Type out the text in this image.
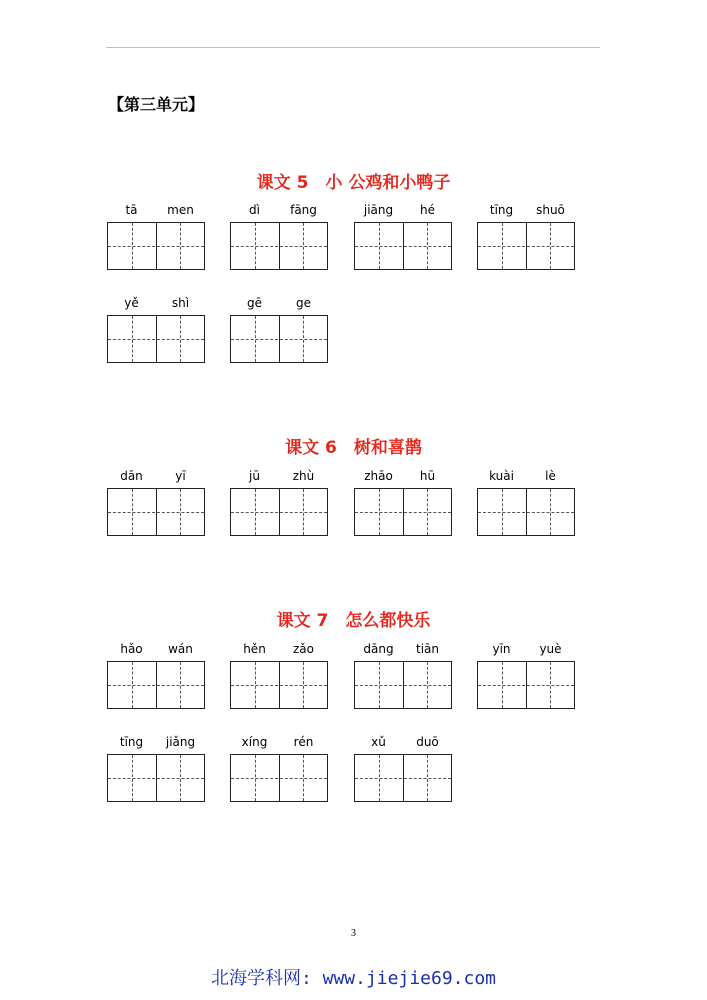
【第三单元】
课文 5　小 公鸡和小鸭子
课文 6　树和喜鹊
课文 7　怎么都快乐
tā	men	dì	fāng	jiāng	hé	tīng	shuō
yě	shì	gē	ge
dān	yī	jū	zhù	zhāo	hū	kuài	lè
hǎo	wán	hěn	zǎo	dāng	tiān	yīn	yuè
tīng	jiǎng	xíng	rén	xǔ	duō
3
北海学科网: www.jiejie69.com
